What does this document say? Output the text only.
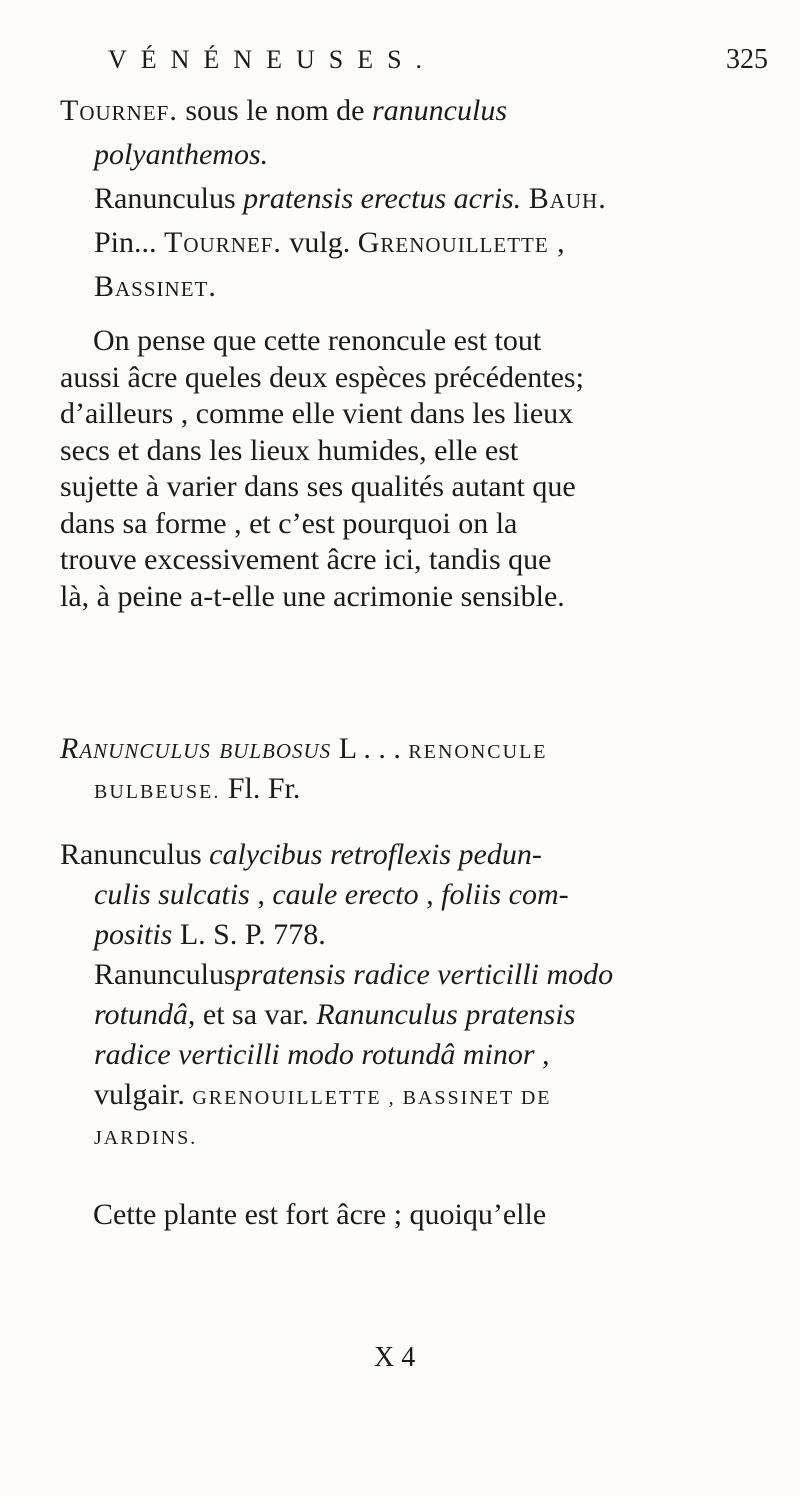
VÉNÉNEUSES.	325
Tournef. sous le nom de ranunculus
polyanthemos.
Ranunculus pratensis erectus acris. Bauh.
Pin... Tournef. vulg. Grenouillette ,
Bassinet.
On pense que cette renoncule est tout
aussi âcre queles deux espèces précédentes;
d’ailleurs , comme elle vient dans les lieux
secs et dans les lieux humides, elle est
sujette à varier dans ses qualités autant que
dans sa forme , et c’est pourquoi on la
trouve excessivement âcre ici, tandis que
là, à peine a-t-elle une acrimonie sensible.
Ranunculus bulbosus L . . . RENONCULE
BULBEUSE. Fl. Fr.
Ranunculus calycibus retroflexis pedun-
culis sulcatis , caule erecto , foliis com-
positis L. S. P. 778.
Ranunculuspratensis radice verticilli modo
rotundâ, et sa var. Ranunculus pratensis
radice verticilli modo rotundâ minor ,
vulgair. GRENOUILLETTE , BASSINET DE
JARDINS.
Cette plante est fort âcre ; quoiqu’elle
X 4
